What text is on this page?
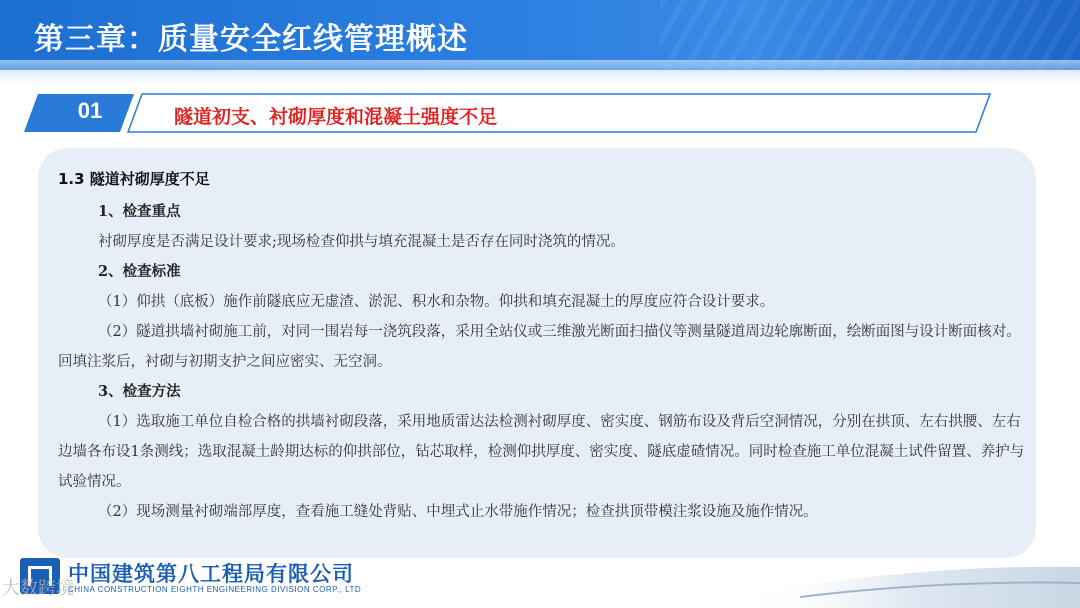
第三章：质量安全红线管理概述
01	隧道初支、衬砌厚度和混凝土强度不足
1.3 隧道衬砌厚度不足
1、检查重点
衬砌厚度是否满足设计要求;现场检查仰拱与填充混凝土是否存在同时浇筑的情况。
2、检查标准
（1）仰拱（底板）施作前隧底应无虚渣、淤泥、积水和杂物。仰拱和填充混凝土的厚度应符合设计要求。
（2）隧道拱墙衬砌施工前，对同一围岩每一浇筑段落，采用全站仪或三维激光断面扫描仪等测量隧道周边轮廓断面，绘断面图与设计断面核对。回填注浆后，衬砌与初期支护之间应密实、无空洞。
3、检查方法
（1）选取施工单位自检合格的拱墙衬砌段落，采用地质雷达法检测衬砌厚度、密实度、钢筋布设及背后空洞情况，分别在拱顶、左右拱腰、左右边墙各布设1条测线；选取混凝土龄期达标的仰拱部位，钻芯取样，检测仰拱厚度、密实度、隧底虚碴情况。同时检查施工单位混凝土试件留置、养护与试验情况。
（2）现场测量衬砌端部厚度，查看施工缝处背贴、中埋式止水带施作情况；检查拱顶带模注浆设施及施作情况。
中国建筑第八工程局有限公司
CHINA CONSTRUCTION EIGHTH ENGINEERING DIVISION CORP., LTD
大数跨境
